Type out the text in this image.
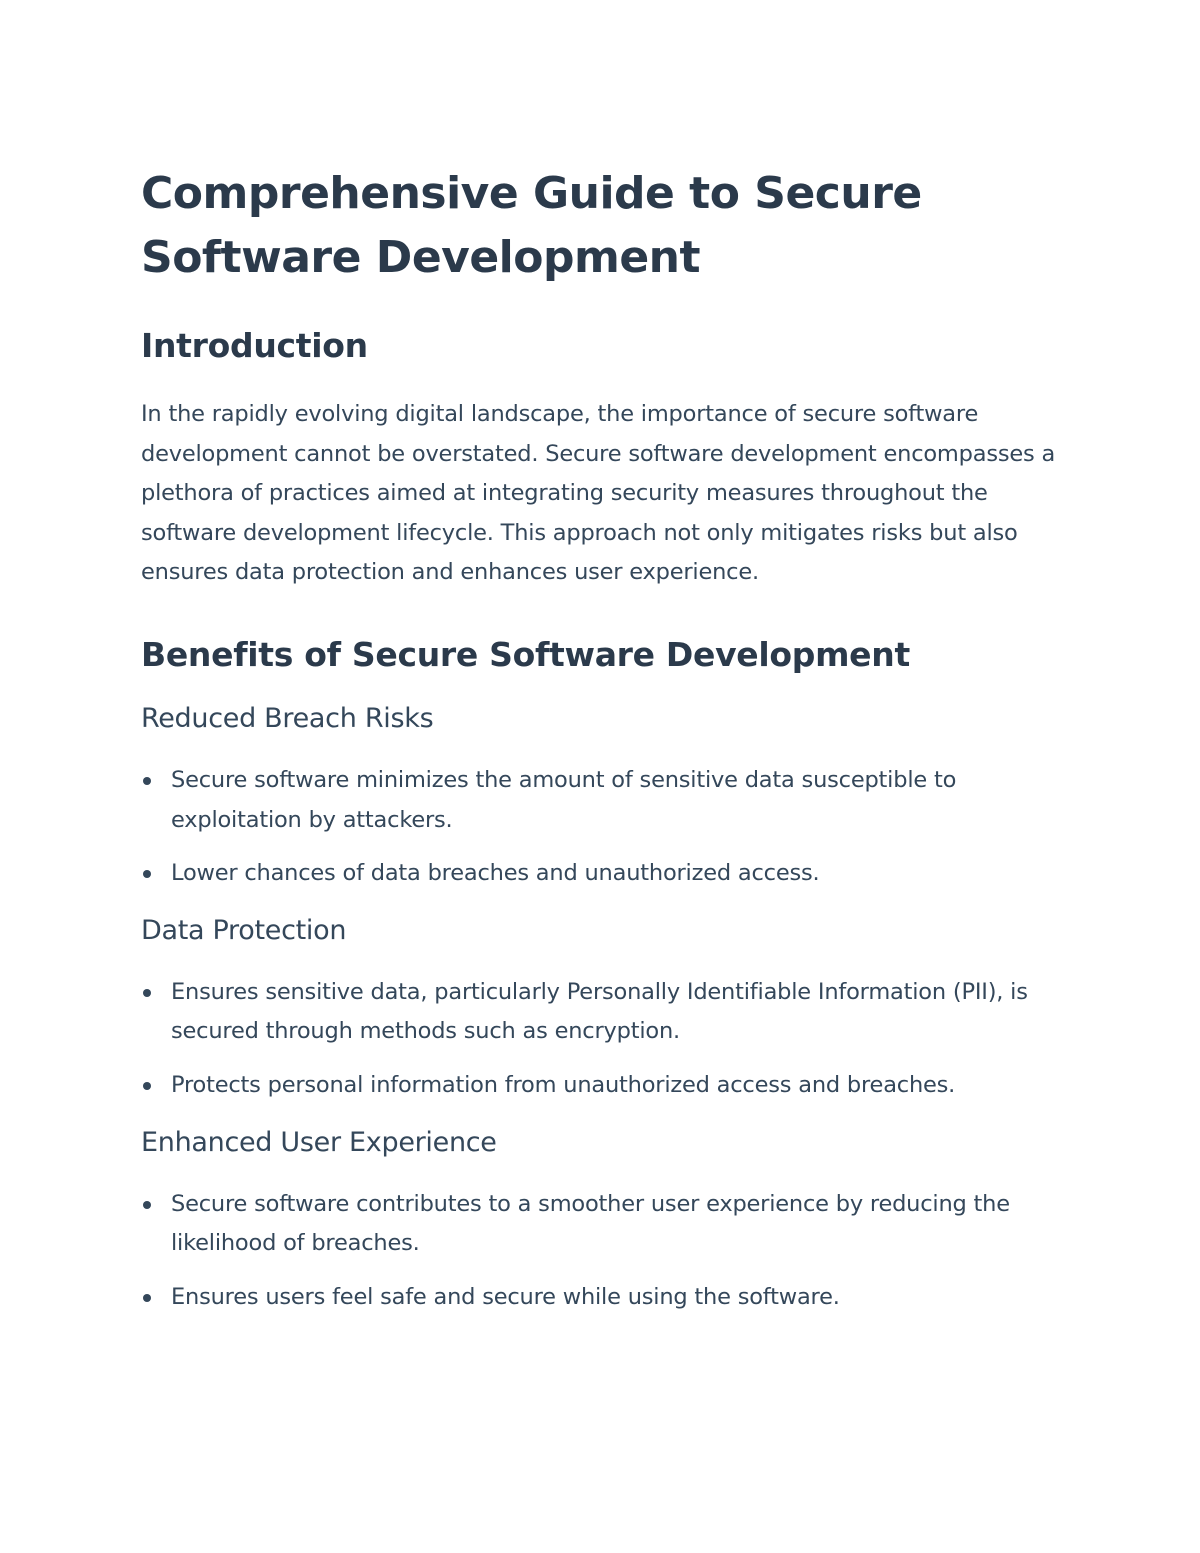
Comprehensive Guide to Secure Software Development
Introduction

In the rapidly evolving digital landscape, the importance of secure software development cannot be overstated. Secure software development encompasses a plethora of practices aimed at integrating security measures throughout the software development lifecycle. This approach not only mitigates risks but also ensures data protection and enhances user experience.

Benefits of Secure Software Development
Reduced Breach Risks
Secure software minimizes the amount of sensitive data susceptible to exploitation by attackers.
Lower chances of data breaches and unauthorized access.
Data Protection
Ensures sensitive data, particularly Personally Identifiable Information (PII), is secured through methods such as encryption.
Protects personal information from unauthorized access and breaches.
Enhanced User Experience
Secure software contributes to a smoother user experience by reducing the likelihood of breaches.
Ensures users feel safe and secure while using the software.
